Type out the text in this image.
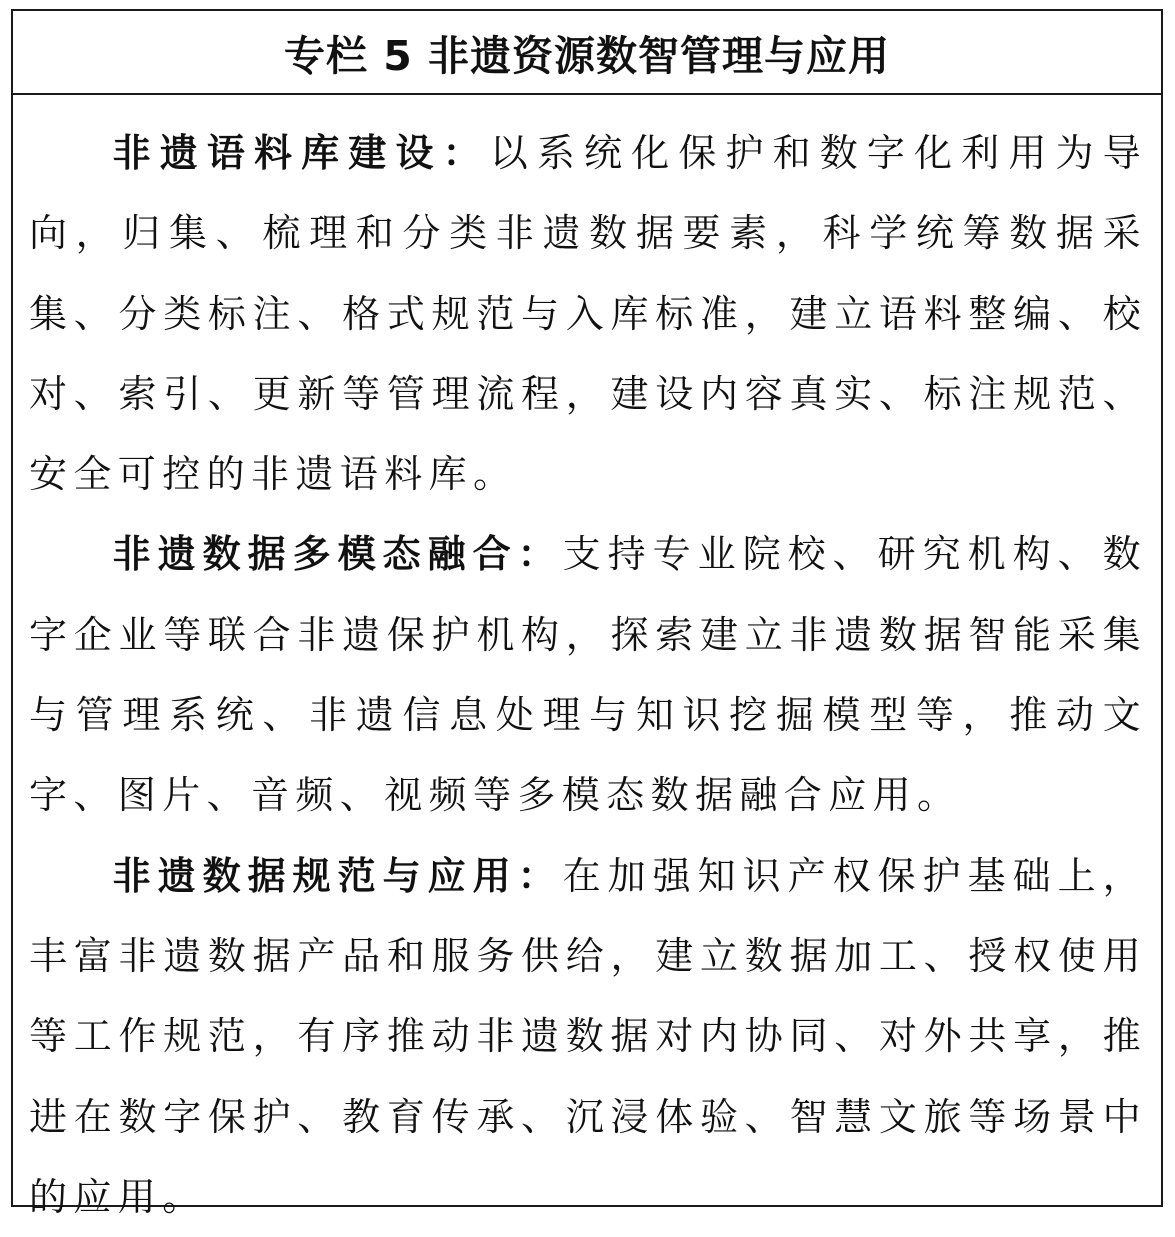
专栏 5 非遗资源数智管理与应用

非遗语料库建设：以系统化保护和数字化利用为导向，归集、梳理和分类非遗数据要素，科学统筹数据采集、分类标注、格式规范与入库标准，建立语料整编、校对、索引、更新等管理流程，建设内容真实、标注规范、安全可控的非遗语料库。

非遗数据多模态融合：支持专业院校、研究机构、数字企业等联合非遗保护机构，探索建立非遗数据智能采集与管理系统、非遗信息处理与知识挖掘模型等，推动文字、图片、音频、视频等多模态数据融合应用。

非遗数据规范与应用：在加强知识产权保护基础上，丰富非遗数据产品和服务供给，建立数据加工、授权使用等工作规范，有序推动非遗数据对内协同、对外共享，推进在数字保护、教育传承、沉浸体验、智慧文旅等场景中的应用。
